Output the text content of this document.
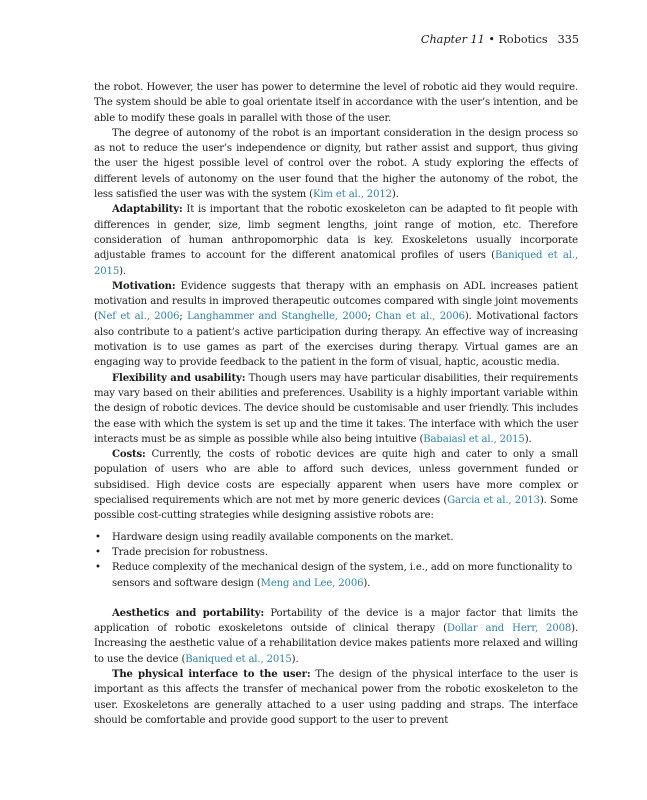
Chapter 11 • Robotics 335

the robot. However, the user has power to determine the level of robotic aid they would require. The system should be able to goal orientate itself in accordance with the user’s intention, and be able to modify these goals in parallel with those of the user.

The degree of autonomy of the robot is an important consideration in the design process so as not to reduce the user’s independence or dignity, but rather assist and support, thus giving the user the higest possible level of control over the robot. A study exploring the effects of different levels of autonomy on the user found that the higher the autonomy of the robot, the less satisfied the user was with the system (Kim et al., 2012).

Adaptability: It is important that the robotic exoskeleton can be adapted to fit people with differences in gender, size, limb segment lengths, joint range of motion, etc. Therefore consideration of human anthropomorphic data is key. Exoskeletons usually incorporate adjustable frames to account for the different anatomical profiles of users (Baniqued et al., 2015).

Motivation: Evidence suggests that therapy with an emphasis on ADL increases patient motivation and results in improved therapeutic outcomes compared with single joint movements (Nef et al., 2006; Langhammer and Stanghelle, 2000; Chan et al., 2006). Motivational factors also contribute to a patient’s active participation during therapy. An effective way of increasing motivation is to use games as part of the exercises during therapy. Virtual games are an engaging way to provide feedback to the patient in the form of visual, haptic, acoustic media.

Flexibility and usability: Though users may have particular disabilities, their requirements may vary based on their abilities and preferences. Usability is a highly important variable within the design of robotic devices. The device should be customisable and user friendly. This includes the ease with which the system is set up and the time it takes. The interface with which the user interacts must be as simple as possible while also being intuitive (Babaiasl et al., 2015).

Costs: Currently, the costs of robotic devices are quite high and cater to only a small population of users who are able to afford such devices, unless government funded or subsidised. High device costs are especially apparent when users have more complex or specialised requirements which are not met by more generic devices (Garcia et al., 2013). Some possible cost-cutting strategies while designing assistive robots are:

• Hardware design using readily available components on the market.
• Trade precision for robustness.
• Reduce complexity of the mechanical design of the system, i.e., add on more functionality to sensors and software design (Meng and Lee, 2006).

Aesthetics and portability: Portability of the device is a major factor that limits the application of robotic exoskeletons outside of clinical therapy (Dollar and Herr, 2008). Increasing the aesthetic value of a rehabilitation device makes patients more relaxed and willing to use the device (Baniqued et al., 2015).

The physical interface to the user: The design of the physical interface to the user is important as this affects the transfer of mechanical power from the robotic exoskeleton to the user. Exoskeletons are generally attached to a user using padding and straps. The interface should be comfortable and provide good support to the user to prevent
